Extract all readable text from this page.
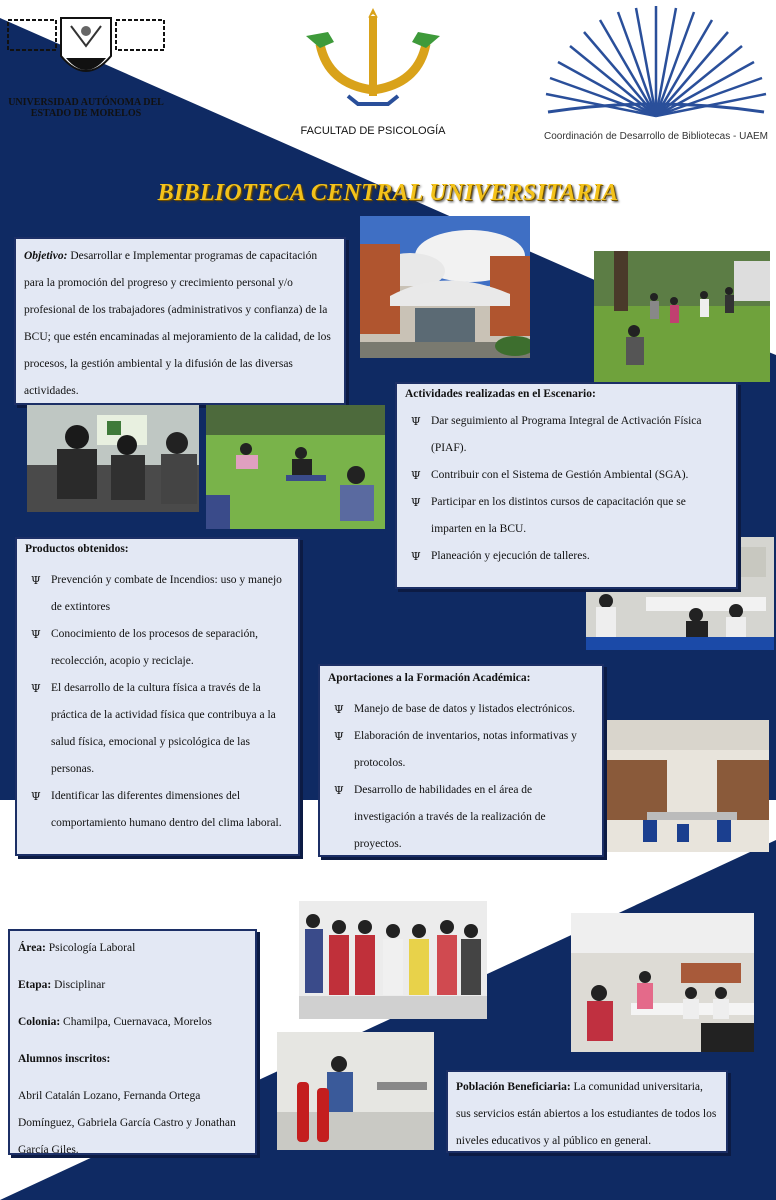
UNIVERSIDAD AUTÓNOMA DEL
ESTADO DE MORELOS
FACULTAD DE PSICOLOGÍA	Coordinación de Desarrollo de Bibliotecas - UAEM
BIBLIOTECA CENTRAL UNIVERSITARIA

Objetivo: Desarrollar e Implementar programas de capacitación para la promoción del progreso y crecimiento personal y/o profesional de los trabajadores (administrativos y confianza) de la BCU; que estén encaminadas al mejoramiento de la calidad, de los procesos, la gestión ambiental y la difusión de las diversas actividades.	Actividades realizadas en el Escenario:

Ψ Dar seguimiento al Programa Integral de Activación Física (PIAF).
Ψ Contribuir con el Sistema de Gestión Ambiental (SGA).
Ψ Participar en los distintos cursos de capacitación que se imparten en la BCU.
Ψ Planeación y ejecución de talleres.

Productos obtenidos:

Ψ Prevención y combate de Incendios: uso y manejo de extintores
Ψ Conocimiento de los procesos de separación, recolección, acopio y reciclaje.
Ψ El desarrollo de la cultura física a través de la práctica de la actividad física que contribuya a la salud física, emocional y psicológica de las personas.
Ψ Identificar las diferentes dimensiones del comportamiento humano dentro del clima laboral.

Aportaciones a la Formación Académica:

Ψ Manejo de base de datos y listados electrónicos.
Ψ Elaboración de inventarios, notas informativas y protocolos.
Ψ Desarrollo de habilidades en el área de investigación a través de la realización de proyectos.

Área: Psicología Laboral

Etapa: Disciplinar

Colonia: Chamilpa, Cuernavaca, Morelos

Alumnos inscritos:

Abril Catalán Lozano, Fernanda Ortega Domínguez, Gabriela García Castro y Jonathan García Giles.

Población Beneficiaria: La comunidad universitaria, sus servicios están abiertos a los estudiantes de todos los niveles educativos y al público en general.
